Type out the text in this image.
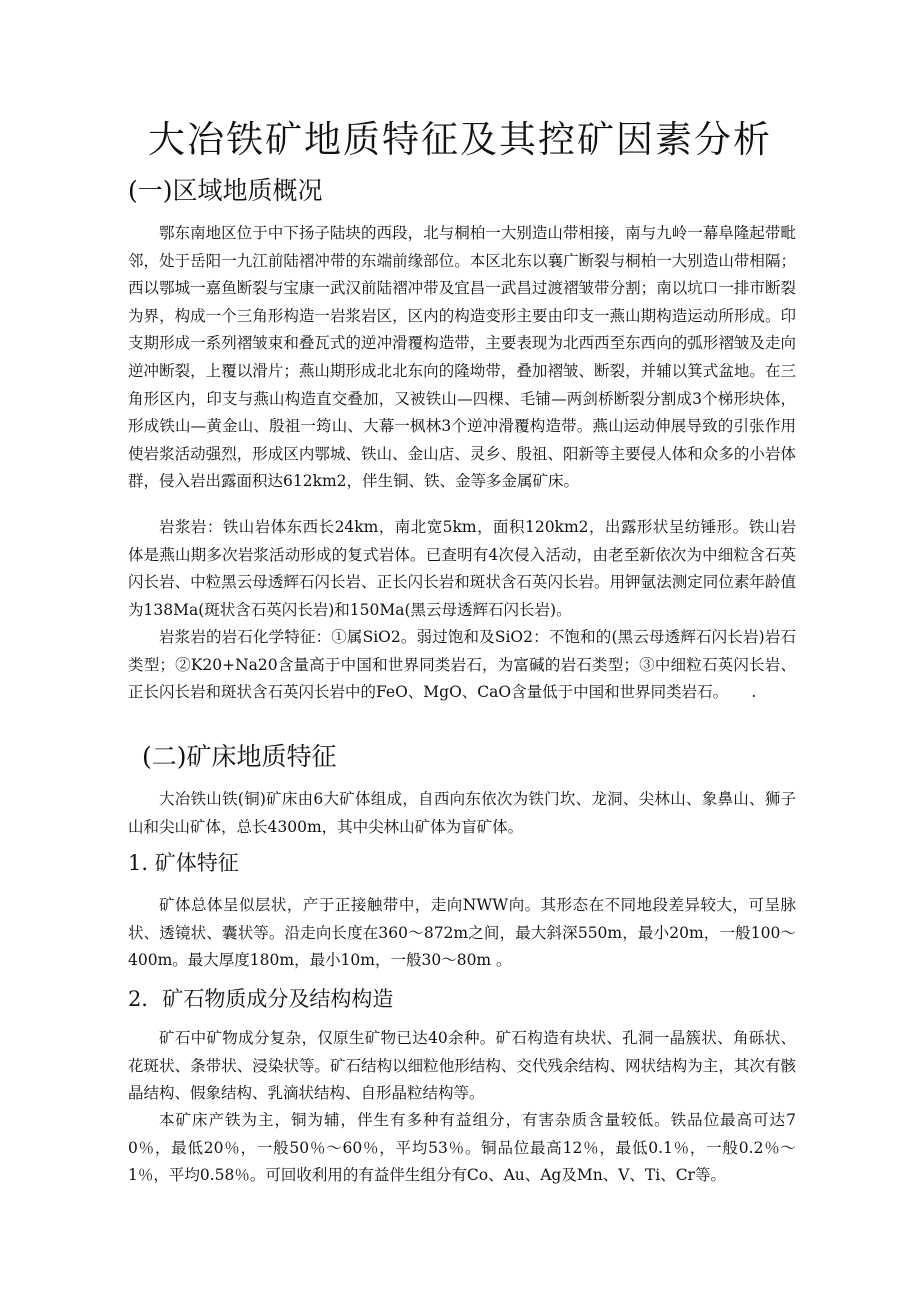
大冶铁矿地质特征及其控矿因素分析
(一)区域地质概况

鄂东南地区位于中下扬子陆块的西段，北与桐柏一大别造山带相接，南与九岭一幕阜隆起带毗邻，处于岳阳一九江前陆褶冲带的东端前缘部位。本区北东以襄广断裂与桐柏一大别造山带相隔；西以鄂城一嘉鱼断裂与宝康一武汉前陆褶冲带及宜昌一武昌过渡褶皱带分割；南以坑口一排市断裂为界，构成一个三角形构造一岩浆岩区，区内的构造变形主要由印支一燕山期构造运动所形成。印支期形成一系列褶皱束和叠瓦式的逆冲滑覆构造带，主要表现为北西西至东西向的弧形褶皱及走向逆冲断裂，上覆以滑片；燕山期形成北北东向的隆坳带，叠加褶皱、断裂，并辅以箕式盆地。在三角形区内，印支与燕山构造直交叠加，又被铁山—四棵、毛铺—两剑桥断裂分割成3个梯形块体，形成铁山—黄金山、殷祖一筠山、大幕一枫林3个逆冲滑覆构造带。燕山运动伸展导致的引张作用使岩浆活动强烈，形成区内鄂城、铁山、金山店、灵乡、殷祖、阳新等主要侵人体和众多的小岩体群，侵入岩出露面积达612km2，伴生铜、铁、金等多金属矿床。

岩浆岩：铁山岩体东西长24km，南北宽5km，面积120km2，出露形状呈纺锤形。铁山岩体是燕山期多次岩浆活动形成的复式岩体。已查明有4次侵入活动，由老至新依次为中细粒含石英闪长岩、中粒黑云母透辉石闪长岩、正长闪长岩和斑状含石英闪长岩。用钾氩法测定同位素年龄值为138Ma(斑状含石英闪长岩)和150Ma(黑云母透辉石闪长岩)。

岩浆岩的岩石化学特征：①属SiO2。弱过饱和及SiO2：不饱和的(黑云母透辉石闪长岩)岩石类型；②K20+Na20含量高于中国和世界同类岩石，为富碱的岩石类型；③中细粒石英闪长岩、正长闪长岩和斑状含石英闪长岩中的FeO、MgO、CaO含量低于中国和世界同类岩石。　　.

(二)矿床地质特征

大冶铁山铁(铜)矿床由6大矿体组成，自西向东依次为铁门坎、龙洞、尖林山、象鼻山、狮子山和尖山矿体，总长4300m，其中尖林山矿体为盲矿体。

1. 矿体特征

矿体总体呈似层状，产于正接触带中，走向NWW向。其形态在不同地段差异较大，可呈脉状、透镜状、囊状等。沿走向长度在360～872m之间，最大斜深550m，最小20m，一般100～400m。最大厚度180m，最小10m，一般30～80m 。

2．矿石物质成分及结构构造

矿石中矿物成分复杂，仅原生矿物已达40余种。矿石构造有块状、孔洞一晶簇状、角砾状、花斑状、条带状、浸染状等。矿石结构以细粒他形结构、交代残余结构、网状结构为主，其次有骸晶结构、假象结构、乳滴状结构、自形晶粒结构等。

本矿床产铁为主，铜为辅，伴生有多种有益组分，有害杂质含量较低。铁品位最高可达70％，最低20％，一般50％～60％，平均53％。铜品位最高12％，最低0.1％，一般0.2％～1％，平均0.58％。可回收利用的有益伴生组分有Co、Au、Ag及Mn、V、Ti、Cr等。
